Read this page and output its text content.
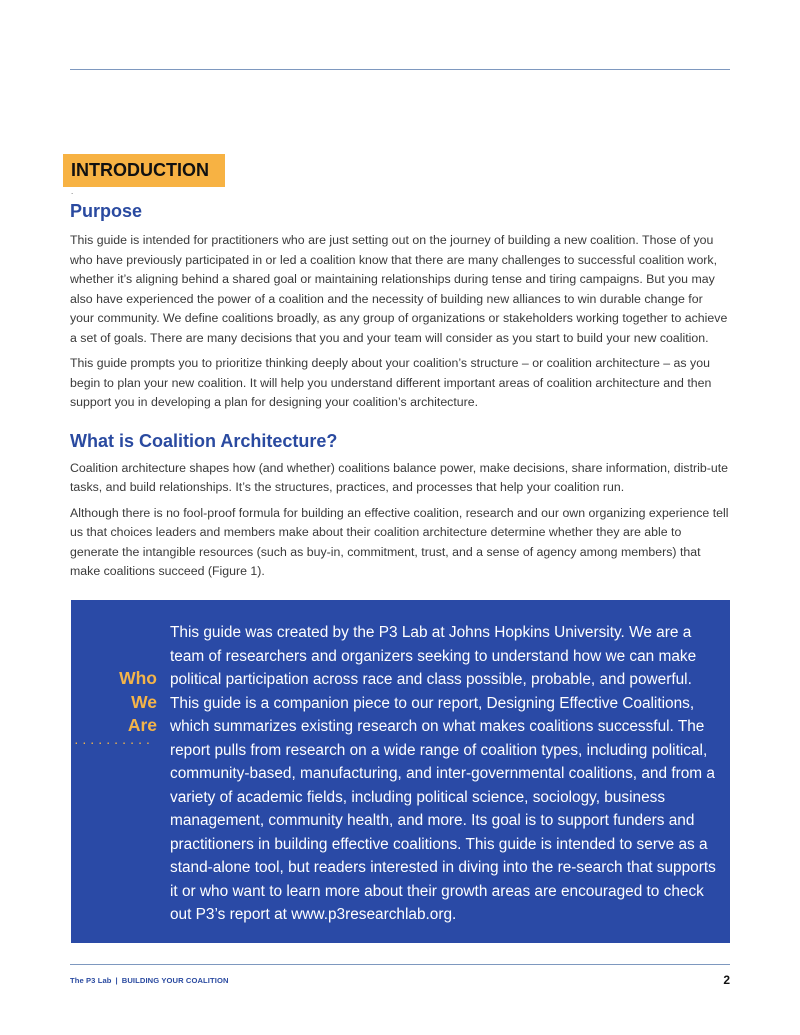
INTRODUCTION
.
Purpose

This guide is intended for practitioners who are just setting out on the journey of building a new coalition. Those of you who have previously participated in or led a coalition know that there are many challenges to successful coalition work, whether it’s aligning behind a shared goal or maintaining relationships during tense and tiring campaigns. But you may also have experienced the power of a coalition and the necessity of building new alliances to win durable change for your community. We define coalitions broadly, as any group of organizations or stakeholders working together to achieve a set of goals. There are many decisions that you and your team will consider as you start to build your new coalition.

This guide prompts you to prioritize thinking deeply about your coalition’s structure – or coalition architecture – as you begin to plan your new coalition. It will help you understand different important areas of coalition architecture and then support you in developing a plan for designing your coalition’s architecture.

What is Coalition Architecture?

Coalition architecture shapes how (and whether) coalitions balance power, make decisions, share information, distrib-ute tasks, and build relationships. It’s the structures, practices, and processes that help your coalition run.

Although there is no fool-proof formula for building an effective coalition, research and our own organizing experience tell us that choices leaders and members make about their coalition architecture determine whether they are able to generate the intangible resources (such as buy-in, commitment, trust, and a sense of agency among members) that make coalitions succeed (Figure 1).

Who
We
Are
··········
This guide was created by the P3 Lab at Johns Hopkins University. We are a team of researchers and organizers seeking to understand how we can make political participation across race and class possible, probable, and powerful. This guide is a companion piece to our report, Designing Effective Coalitions, which summarizes existing research on what makes coalitions successful. The report pulls from research on a wide range of coalition types, including political, community-based, manufacturing, and inter-governmental coalitions, and from a variety of academic fields, including political science, sociology, business management, community health, and more. Its goal is to support funders and practitioners in building effective coalitions. This guide is intended to serve as a stand-alone tool, but readers interested in diving into the re-search that supports it or who want to learn more about their growth areas are encouraged to check out P3’s report at www.p3researchlab.org.
The P3 Lab | BUILDING YOUR COALITION	2
